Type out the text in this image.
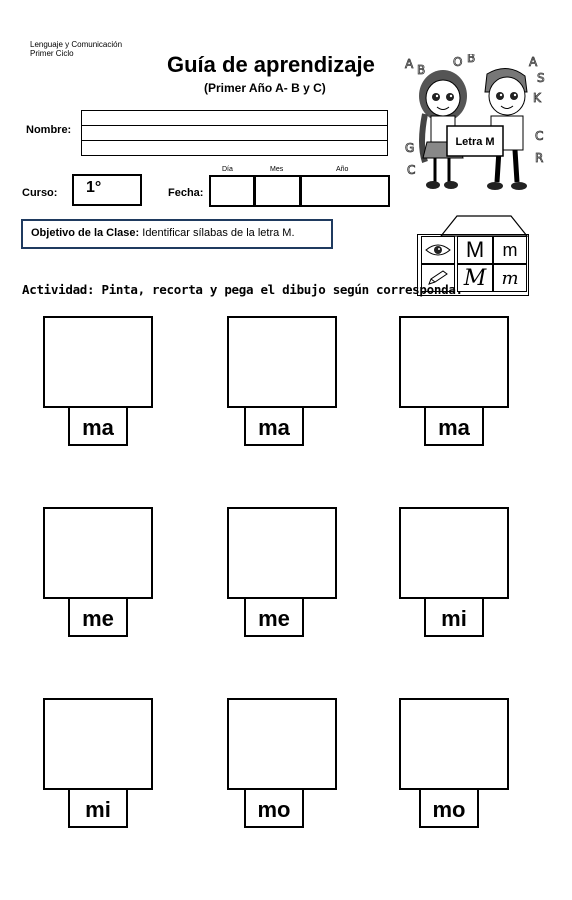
Lenguaje y Comunicación
Primer Ciclo	Guía de aprendizaje
(Primer Año A- B y C)
Nombre:
Curso: 1°	Fecha:
Día	Mes	Año
A B
A
S
K
C
G
C
R
O B
Letra M
Objetivo de la Clase: Identificar sílabas de la letra M.
M	m
M m
Actividad: Pinta, recorta y pega el dibujo según corresponda.
ma	ma	ma
me	me	mi
mi	mo	mo
